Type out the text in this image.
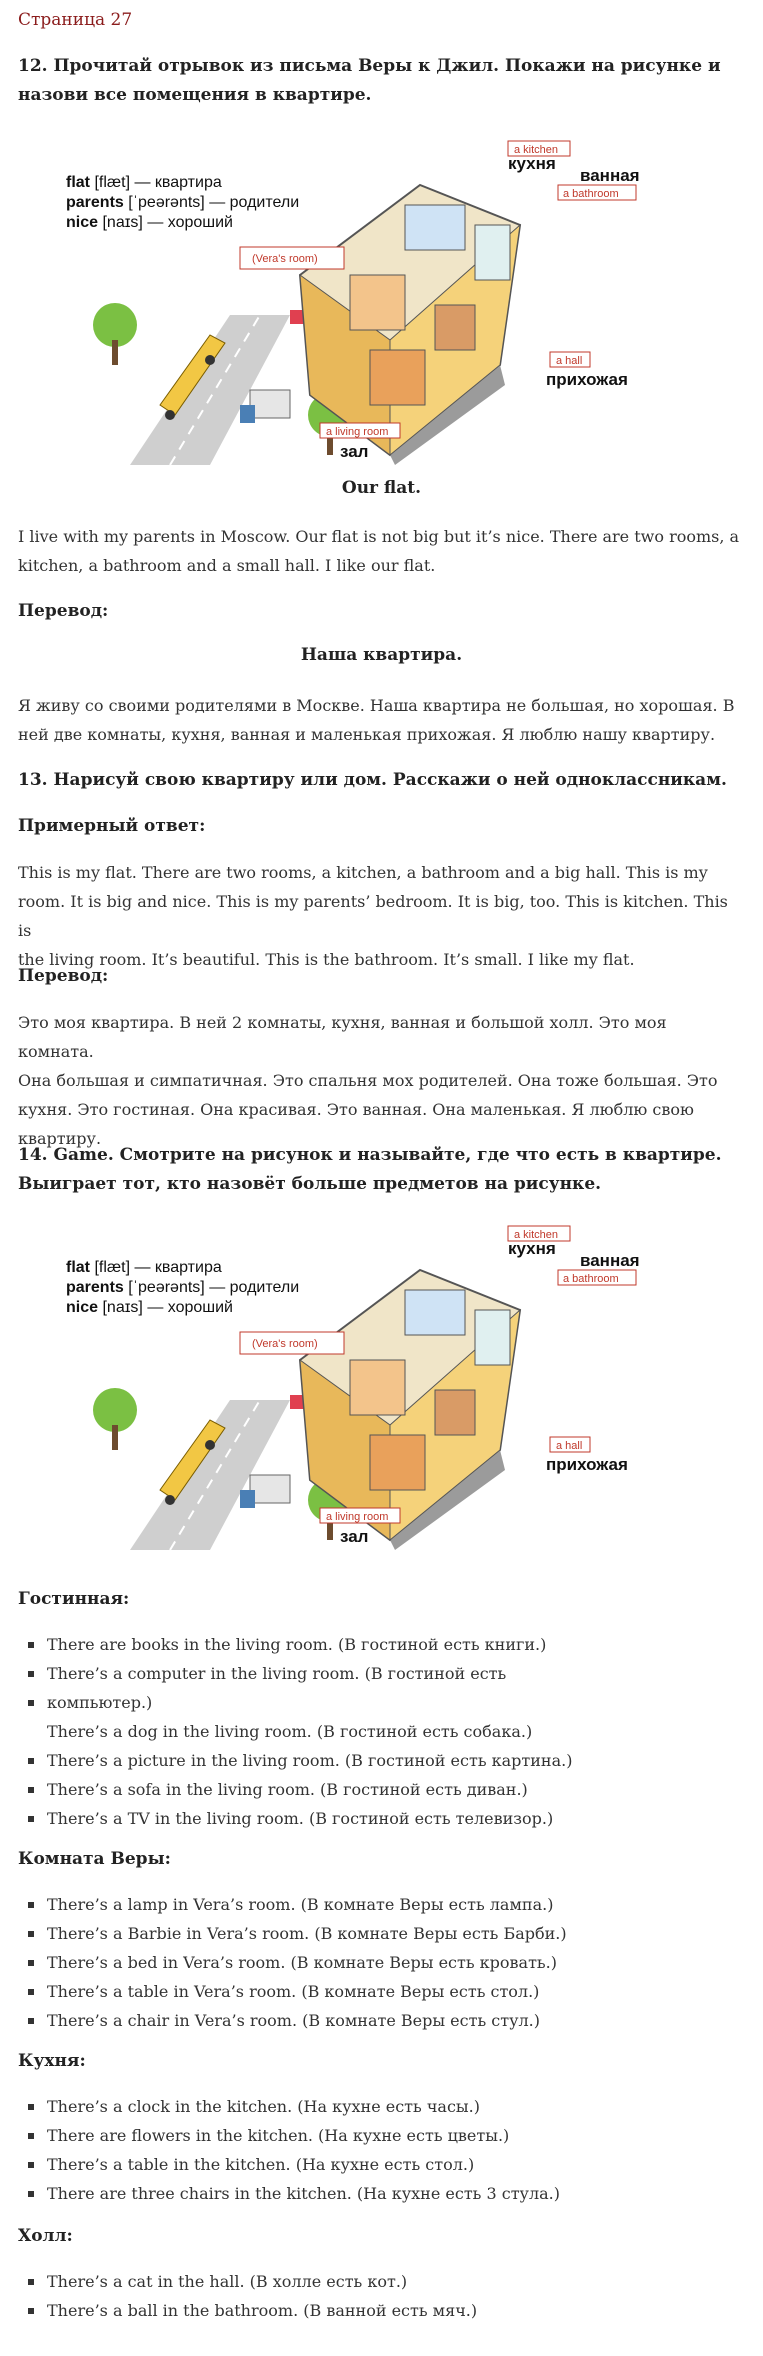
Страница 27

12. Прочитай отрывок из письма Веры к Джил. Покажи на рисунке и
назови все помещения в квартире.

flat [flæt] — квартира
parents [ˈpeərənts] — родители
nice [naɪs] — хороший
a kitchen
кухня
ванная
a bathroom
(Vera's room)
a hall
прихожая
a living room
зал

Our flat.

I live with my parents in Moscow. Our flat is not big but it’s nice. There are two rooms, a
kitchen, a bathroom and a small hall. I like our flat.

Перевод:

Наша квартира.

Я живу со своими родителями в Москве. Наша квартира не большая, но хорошая. В
ней две комнаты, кухня, ванная и маленькая прихожая. Я люблю нашу квартиру.

13. Нарисуй свою квартиру или дом. Расскажи о ней одноклассникам.

Примерный ответ:

This is my flat. There are two rooms, a kitchen, a bathroom and a big hall. This is my
room. It is big and nice. This is my parents’ bedroom. It is big, too. This is kitchen. This is
the living room. It’s beautiful. This is the bathroom. It’s small. I like my flat.

Перевод:

Это моя квартира. В ней 2 комнаты, кухня, ванная и большой холл. Это моя комната.
Она большая и симпатичная. Это спальня мох родителей. Она тоже большая. Это
кухня. Это гостиная. Она красивая. Это ванная. Она маленькая. Я люблю свою
квартиру.

14. Game. Смотрите на рисунок и называйте, где что есть в квартире.
Выиграет тот, кто назовёт больше предметов на рисунке.

flat [flæt] — квартира
parents [ˈpeərənts] — родители
nice [naɪs] — хороший
a kitchen
кухня
ванная
a bathroom
(Vera's room)
a hall
прихожая
a living room
зал

Гостинная:

There are books in the living room. (В гостиной есть книги.)
There’s a computer in the living room. (В гостиной есть
компьютер.)
There’s a dog in the living room. (В гостиной есть собака.)
There’s a picture in the living room. (В гостиной есть картина.)
There’s a sofa in the living room. (В гостиной есть диван.)
There’s a TV in the living room. (В гостиной есть телевизор.)

Комната Веры:

There’s a lamp in Vera’s room. (В комнате Веры есть лампа.)
There’s a Barbie in Vera’s room. (В комнате Веры есть Барби.)
There’s a bed in Vera’s room. (В комнате Веры есть кровать.)
There’s a table in Vera’s room. (В комнате Веры есть стол.)
There’s a chair in Vera’s room. (В комнате Веры есть стул.)

Кухня:

There’s a clock in the kitchen. (На кухне есть часы.)
There are flowers in the kitchen. (На кухне есть цветы.)
There’s a table in the kitchen. (На кухне есть стол.)
There are three chairs in the kitchen. (На кухне есть 3 стула.)

Холл:

There’s a cat in the hall. (В холле есть кот.)
There’s a ball in the bathroom. (В ванной есть мяч.)
